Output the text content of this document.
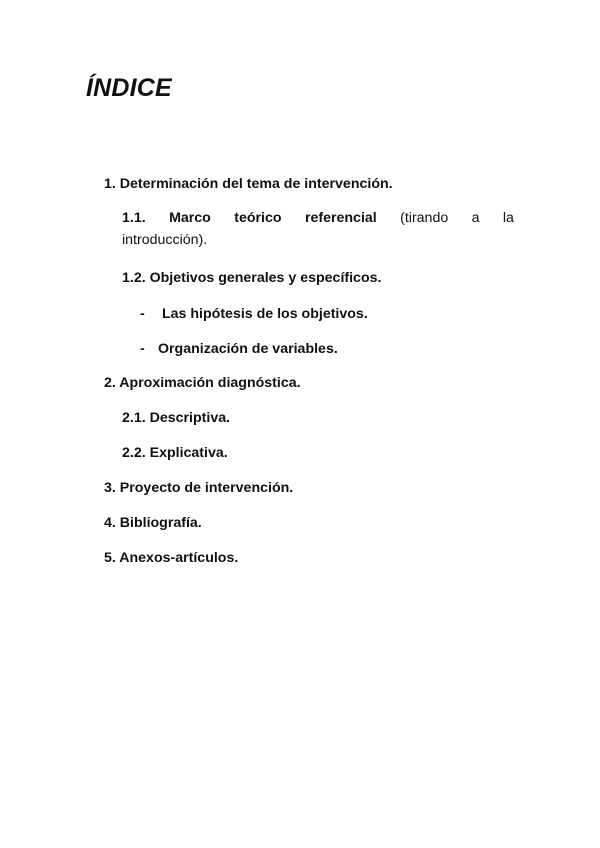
ÍNDICE
1. Determinación del tema de intervención.
1.1. Marco teórico referencial (tirando a la
introducción).
1.2. Objetivos generales y específicos.
- Las hipótesis de los objetivos.
- Organización de variables.
2. Aproximación diagnóstica.
2.1. Descriptiva.
2.2. Explicativa.
3. Proyecto de intervención.
4. Bibliografía.
5. Anexos-artículos.
